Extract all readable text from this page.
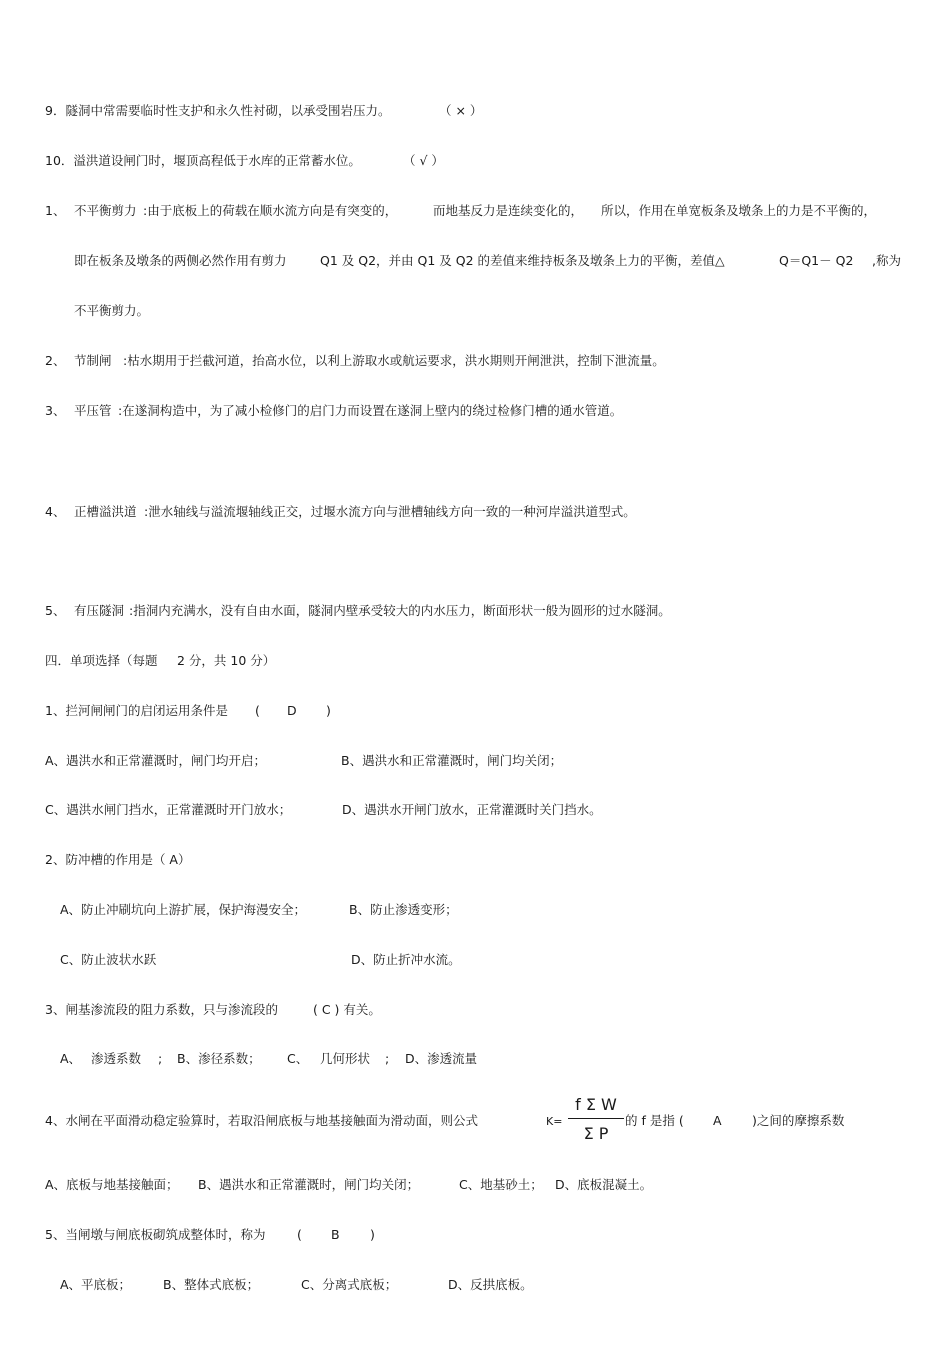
9．隧洞中常需要临时性支护和永久性衬砌，以承受围岩压力。	（ × ）
10．溢洪道设闸门时，堰顶高程低于水库的正常蓄水位。	（ √ ）
1、 不平衡剪力 :由于底板上的荷载在顺水流方向是有突变的，	而地基反力是连续变化的， 所以，作用在单宽板条及墩条上的力是不平衡的，
即在板条及墩条的两侧必然作用有剪力	Q1 及 Q2，并由 Q1 及 Q2 的差值来维持板条及墩条上力的平衡，差值△	Q＝Q1－ Q2 ,称为
不平衡剪力。
2、 节制闸 :枯水期用于拦截河道，抬高水位，以利上游取水或航运要求，洪水期则开闸泄洪，控制下泄流量。
3、 平压管 :在遂洞构造中，为了减小检修门的启门力而设置在遂洞上壁内的绕过检修门槽的通水管道。
4、 正槽溢洪道 :泄水轴线与溢流堰轴线正交，过堰水流方向与泄槽轴线方向一致的一种河岸溢洪道型式。
5、 有压隧洞 :指洞内充满水，没有自由水面，隧洞内壁承受较大的内水压力，断面形状一般为圆形的过水隧洞。
四．单项选择（每题 2 分，共 10 分）
1、拦河闸闸门的启闭运用条件是 ( D )
A、遇洪水和正常灌溉时，闸门均开启；	B、遇洪水和正常灌溉时，闸门均关闭；
C、遇洪水闸门挡水，正常灌溉时开门放水；	D、遇洪水开闸门放水，正常灌溉时关门挡水。
2、防冲槽的作用是（ A）
A、防止冲刷坑向上游扩展，保护海漫安全；	B、防止渗透变形；
C、防止波状水跃	D、防止折冲水流。
3、闸基渗流段的阻力系数，只与渗流段的	( C ) 有关。
A、 渗透系数 ; B、渗径系数； C、 几何形状 ; D、渗透流量
4、水闸在平面滑动稳定验算时，若取沿闸底板与地基接触面为滑动面，则公式	K=
f Σ W
Σ P
的 f 是指 ( A )之间的摩擦系数
A、底板与地基接触面； B、遇洪水和正常灌溉时，闸门均关闭；	C、地基砂土； D、底板混凝土。
5、当闸墩与闸底板砌筑成整体时，称为	( B )
A、平底板；	B、整体式底板；	C、分离式底板；	D、反拱底板。
